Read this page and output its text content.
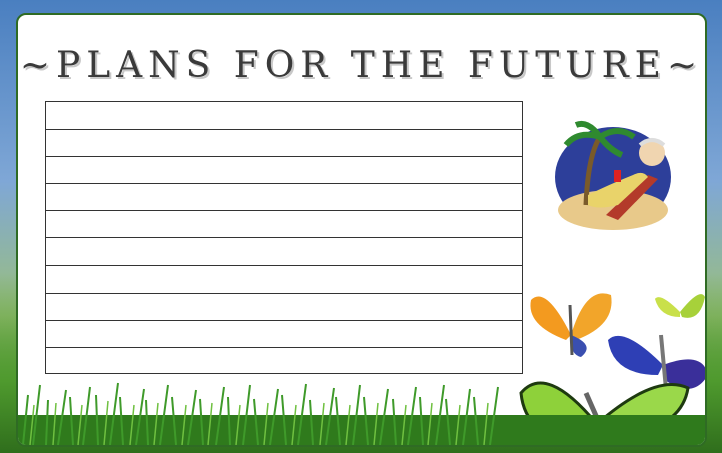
~PLANS FOR THE FUTURE~
